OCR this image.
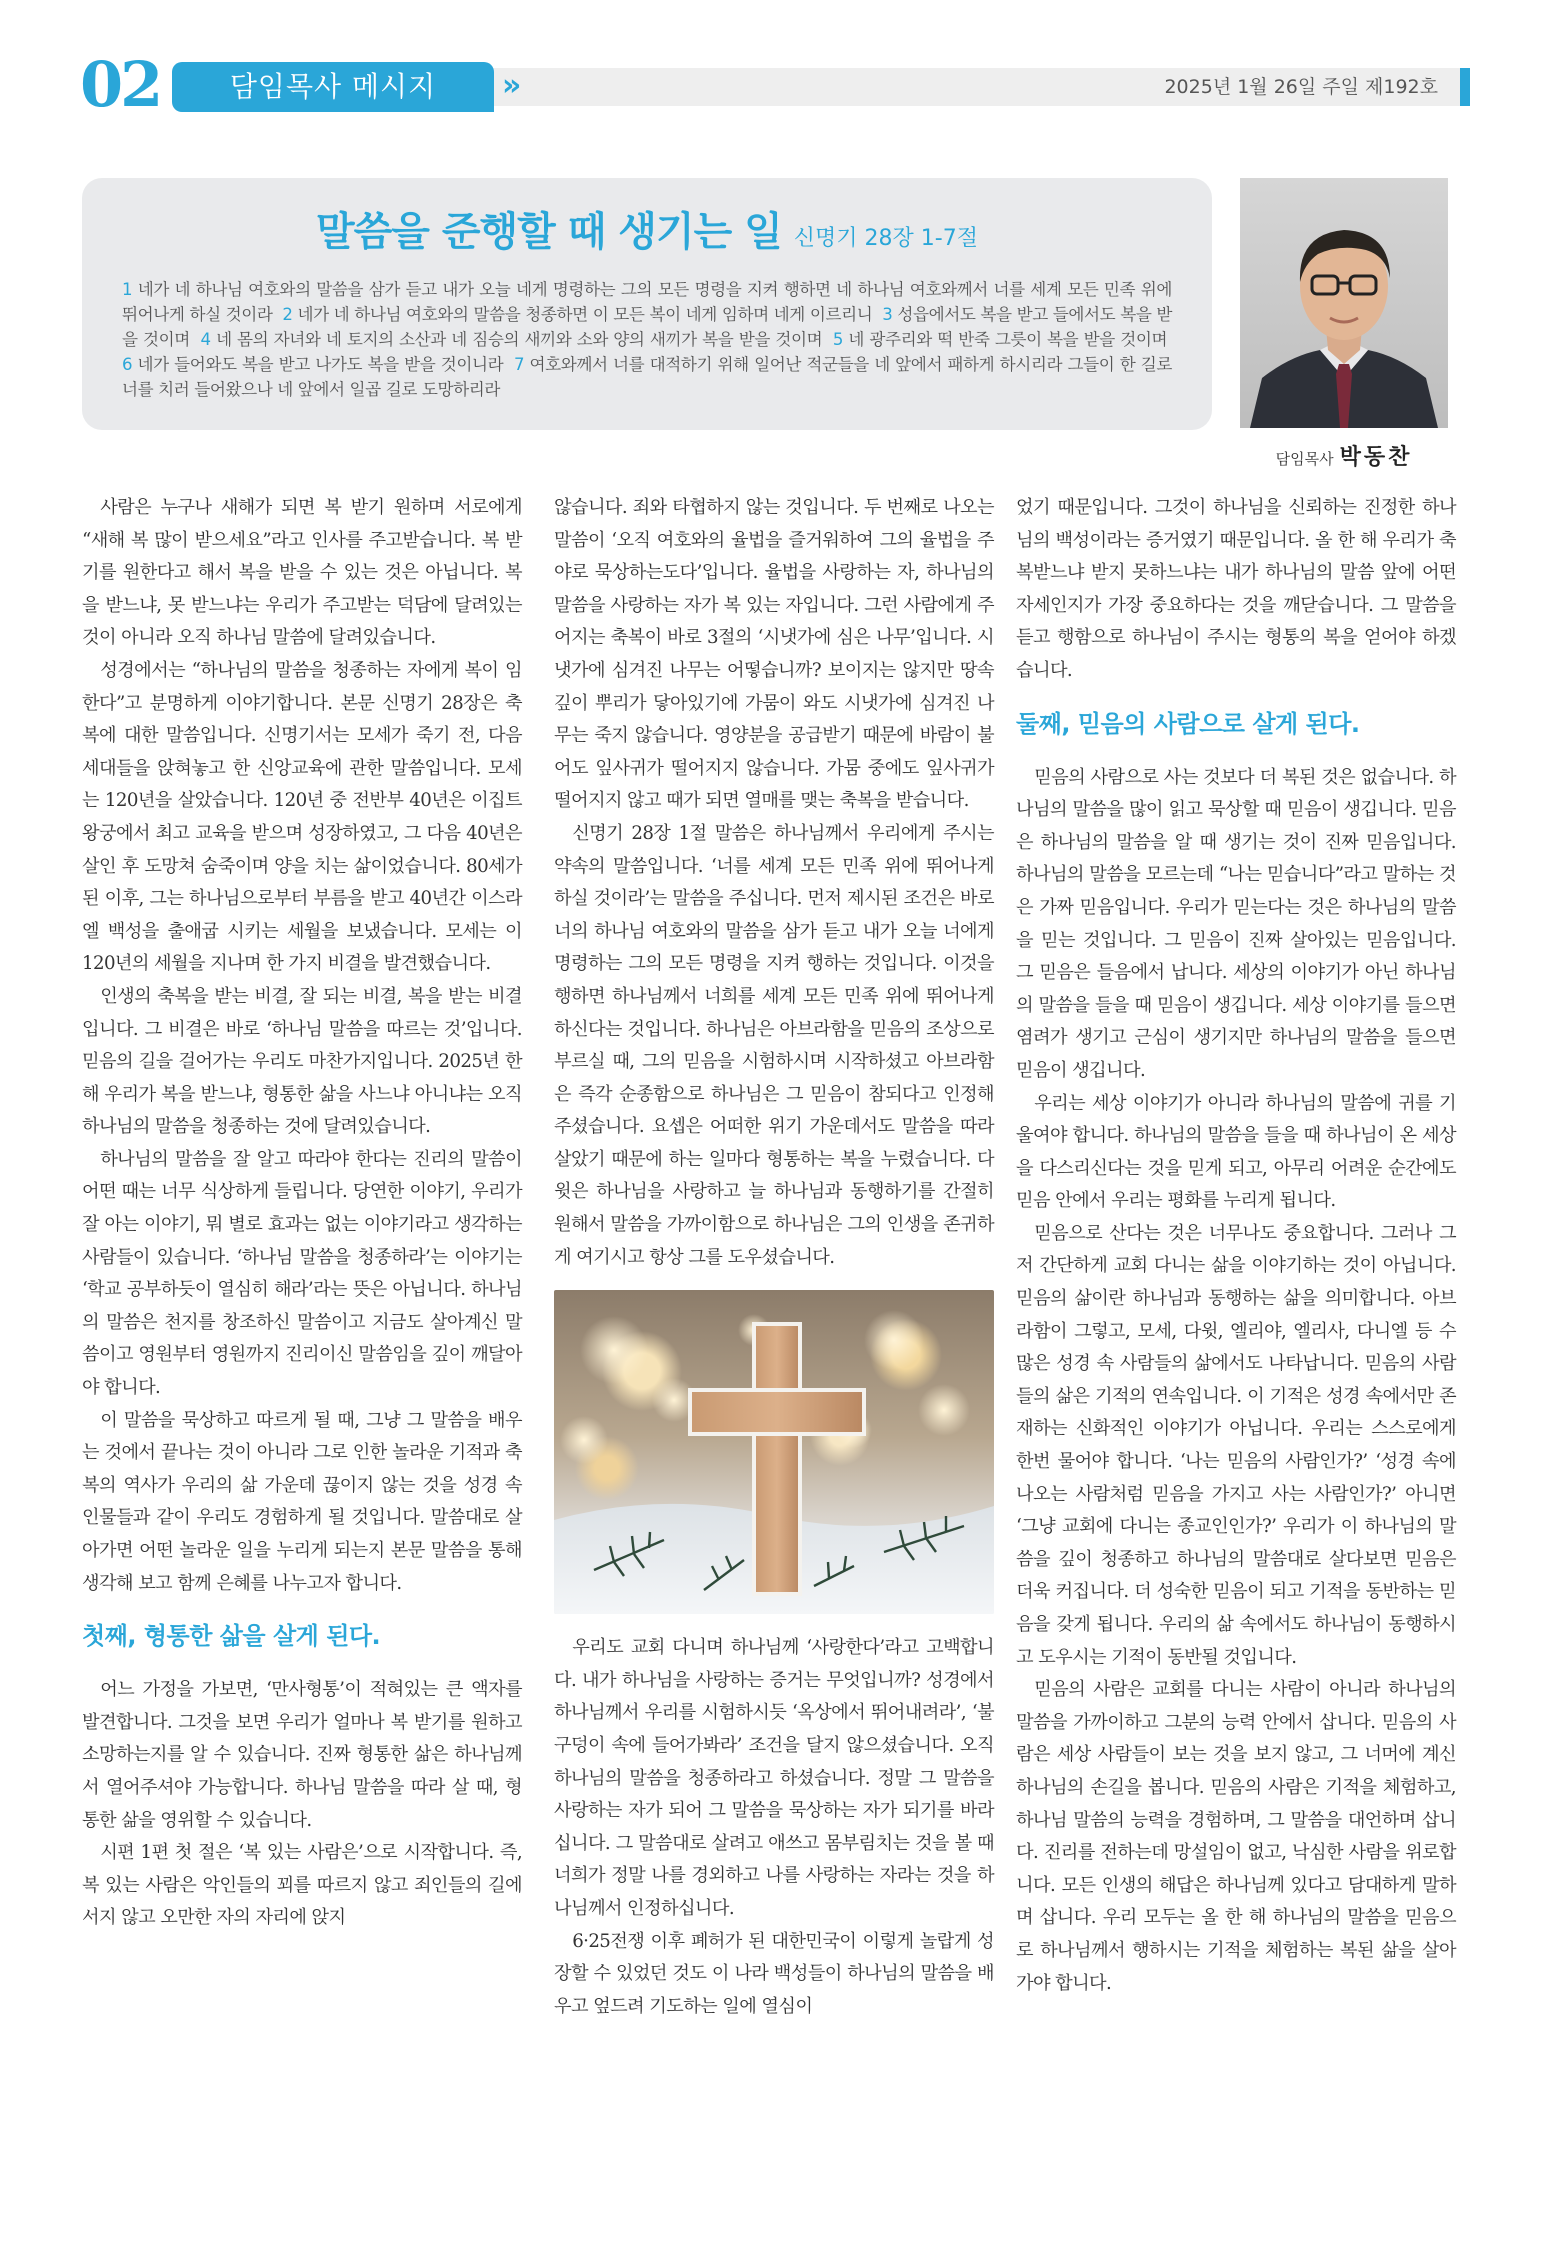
02	담임목사 메시지	»	2025년 1월 26일 주일 제192호
말씀을 준행할 때 생기는 일 신명기 28장 1-7절
1 네가 네 하나님 여호와의 말씀을 삼가 듣고 내가 오늘 네게 명령하는 그의 모든 명령을 지켜 행하면 네 하나님 여호와께서 너를 세계 모든 민족 위에 뛰어나게 하실 것이라 2 네가 네 하나님 여호와의 말씀을 청종하면 이 모든 복이 네게 임하며 네게 이르리니 3 성읍에서도 복을 받고 들에서도 복을 받을 것이며 4 네 몸의 자녀와 네 토지의 소산과 네 짐승의 새끼와 소와 양의 새끼가 복을 받을 것이며 5 네 광주리와 떡 반죽 그릇이 복을 받을 것이며  6 네가 들어와도 복을 받고 나가도 복을 받을 것이니라 7 여호와께서 너를 대적하기 위해 일어난 적군들을 네 앞에서 패하게 하시리라 그들이 한 길로 너를 치러 들어왔으나 네 앞에서 일곱 길로 도망하리라
담임목사 박동찬

사람은 누구나 새해가 되면 복 받기 원하며 서로에게 “새해 복 많이 받으세요”라고 인사를 주고받습니다. 복 받기를 원한다고 해서 복을 받을 수 있는 것은 아닙니다. 복을 받느냐, 못 받느냐는 우리가 주고받는 덕담에 달려있는 것이 아니라 오직 하나님 말씀에 달려있습니다.

성경에서는 “하나님의 말씀을 청종하는 자에게 복이 임한다”고 분명하게 이야기합니다. 본문 신명기 28장은 축복에 대한 말씀입니다. 신명기서는 모세가 죽기 전, 다음 세대들을 앉혀놓고 한 신앙교육에 관한 말씀입니다. 모세는 120년을 살았습니다. 120년 중 전반부 40년은 이집트 왕궁에서 최고 교육을 받으며 성장하였고, 그 다음 40년은 살인 후 도망쳐 숨죽이며 양을 치는 삶이었습니다. 80세가 된 이후, 그는 하나님으로부터 부름을 받고 40년간 이스라엘 백성을 출애굽 시키는 세월을 보냈습니다. 모세는 이 120년의 세월을 지나며 한 가지 비결을 발견했습니다.

인생의 축복을 받는 비결, 잘 되는 비결, 복을 받는 비결입니다. 그 비결은 바로 ‘하나님 말씀을 따르는 것’입니다. 믿음의 길을 걸어가는 우리도 마찬가지입니다. 2025년 한 해 우리가 복을 받느냐, 형통한 삶을 사느냐 아니냐는 오직 하나님의 말씀을 청종하는 것에 달려있습니다.

하나님의 말씀을 잘 알고 따라야 한다는 진리의 말씀이 어떤 때는 너무 식상하게 들립니다. 당연한 이야기, 우리가 잘 아는 이야기, 뭐 별로 효과는 없는 이야기라고 생각하는 사람들이 있습니다. ‘하나님 말씀을 청종하라’는 이야기는 ‘학교 공부하듯이 열심히 해라’라는 뜻은 아닙니다. 하나님의 말씀은 천지를 창조하신 말씀이고 지금도 살아계신 말씀이고 영원부터 영원까지 진리이신 말씀임을 깊이 깨달아야 합니다.

이 말씀을 묵상하고 따르게 될 때, 그냥 그 말씀을 배우는 것에서 끝나는 것이 아니라 그로 인한 놀라운 기적과 축복의 역사가 우리의 삶 가운데 끊이지 않는 것을 성경 속 인물들과 같이 우리도 경험하게 될 것입니다. 말씀대로 살아가면 어떤 놀라운 일을 누리게 되는지 본문 말씀을 통해 생각해 보고 함께 은혜를 나누고자 합니다.

첫째, 형통한 삶을 살게 된다.

어느 가정을 가보면, ‘만사형통’이 적혀있는 큰 액자를 발견합니다. 그것을 보면 우리가 얼마나 복 받기를 원하고 소망하는지를 알 수 있습니다. 진짜 형통한 삶은 하나님께서 열어주셔야 가능합니다. 하나님 말씀을 따라 살 때, 형통한 삶을 영위할 수 있습니다.

시편 1편 첫 절은 ‘복 있는 사람은’으로 시작합니다. 즉, 복 있는 사람은 악인들의 꾀를 따르지 않고 죄인들의 길에 서지 않고 오만한 자의 자리에 앉지

않습니다. 죄와 타협하지 않는 것입니다. 두 번째로 나오는 말씀이 ‘오직 여호와의 율법을 즐거워하여 그의 율법을 주야로 묵상하는도다’입니다. 율법을 사랑하는 자, 하나님의 말씀을 사랑하는 자가 복 있는 자입니다. 그런 사람에게 주어지는 축복이 바로 3절의 ‘시냇가에 심은 나무’입니다. 시냇가에 심겨진 나무는 어떻습니까? 보이지는 않지만 땅속 깊이 뿌리가 닿아있기에 가뭄이 와도 시냇가에 심겨진 나무는 죽지 않습니다. 영양분을 공급받기 때문에 바람이 불어도 잎사귀가 떨어지지 않습니다. 가뭄 중에도 잎사귀가 떨어지지 않고 때가 되면 열매를 맺는 축복을 받습니다.

신명기 28장 1절 말씀은 하나님께서 우리에게 주시는 약속의 말씀입니다. ‘너를 세계 모든 민족 위에 뛰어나게 하실 것이라’는 말씀을 주십니다. 먼저 제시된 조건은 바로 너의 하나님 여호와의 말씀을 삼가 듣고 내가 오늘 너에게 명령하는 그의 모든 명령을 지켜 행하는 것입니다. 이것을 행하면 하나님께서 너희를 세계 모든 민족 위에 뛰어나게 하신다는 것입니다. 하나님은 아브라함을 믿음의 조상으로 부르실 때, 그의 믿음을 시험하시며 시작하셨고 아브라함은 즉각 순종함으로 하나님은 그 믿음이 참되다고 인정해 주셨습니다. 요셉은 어떠한 위기 가운데서도 말씀을 따라 살았기 때문에 하는 일마다 형통하는 복을 누렸습니다. 다윗은 하나님을 사랑하고 늘 하나님과 동행하기를 간절히 원해서 말씀을 가까이함으로 하나님은 그의 인생을 존귀하게 여기시고 항상 그를 도우셨습니다.

우리도 교회 다니며 하나님께 ‘사랑한다’라고 고백합니다. 내가 하나님을 사랑하는 증거는 무엇입니까? 성경에서 하나님께서 우리를 시험하시듯 ‘옥상에서 뛰어내려라’, ‘불구덩이 속에 들어가봐라’ 조건을 달지 않으셨습니다. 오직 하나님의 말씀을 청종하라고 하셨습니다. 정말 그 말씀을 사랑하는 자가 되어 그 말씀을 묵상하는 자가 되기를 바라십니다. 그 말씀대로 살려고 애쓰고 몸부림치는 것을 볼 때 너희가 정말 나를 경외하고 나를 사랑하는 자라는 것을 하나님께서 인정하십니다.

6·25전쟁 이후 폐허가 된 대한민국이 이렇게 놀랍게 성장할 수 있었던 것도 이 나라 백성들이 하나님의 말씀을 배우고 엎드려 기도하는 일에 열심이

었기 때문입니다. 그것이 하나님을 신뢰하는 진정한 하나님의 백성이라는 증거였기 때문입니다. 올 한 해 우리가 축복받느냐 받지 못하느냐는 내가 하나님의 말씀 앞에 어떤 자세인지가 가장 중요하다는 것을 깨닫습니다. 그 말씀을 듣고 행함으로 하나님이 주시는 형통의 복을 얻어야 하겠습니다.

둘째, 믿음의 사람으로 살게 된다.

믿음의 사람으로 사는 것보다 더 복된 것은 없습니다. 하나님의 말씀을 많이 읽고 묵상할 때 믿음이 생깁니다. 믿음은 하나님의 말씀을 알 때 생기는 것이 진짜 믿음입니다. 하나님의 말씀을 모르는데 “나는 믿습니다”라고 말하는 것은 가짜 믿음입니다. 우리가 믿는다는 것은 하나님의 말씀을 믿는 것입니다. 그 믿음이 진짜 살아있는 믿음입니다. 그 믿음은 들음에서 납니다. 세상의 이야기가 아닌 하나님의 말씀을 들을 때 믿음이 생깁니다. 세상 이야기를 들으면 염려가 생기고 근심이 생기지만 하나님의 말씀을 들으면 믿음이 생깁니다.

우리는 세상 이야기가 아니라 하나님의 말씀에 귀를 기울여야 합니다. 하나님의 말씀을 들을 때 하나님이 온 세상을 다스리신다는 것을 믿게 되고, 아무리 어려운 순간에도 믿음 안에서 우리는 평화를 누리게 됩니다.

믿음으로 산다는 것은 너무나도 중요합니다. 그러나 그저 간단하게 교회 다니는 삶을 이야기하는 것이 아닙니다. 믿음의 삶이란 하나님과 동행하는 삶을 의미합니다. 아브라함이 그렇고, 모세, 다윗, 엘리야, 엘리사, 다니엘 등 수 많은 성경 속 사람들의 삶에서도 나타납니다. 믿음의 사람들의 삶은 기적의 연속입니다. 이 기적은 성경 속에서만 존재하는 신화적인 이야기가 아닙니다. 우리는 스스로에게 한번 물어야 합니다. ‘나는 믿음의 사람인가?’ ‘성경 속에 나오는 사람처럼 믿음을 가지고 사는 사람인가?’ 아니면 ‘그냥 교회에 다니는 종교인인가?’ 우리가 이 하나님의 말씀을 깊이 청종하고 하나님의 말씀대로 살다보면 믿음은 더욱 커집니다. 더 성숙한 믿음이 되고 기적을 동반하는 믿음을 갖게 됩니다. 우리의 삶 속에서도 하나님이 동행하시고 도우시는 기적이 동반될 것입니다.

믿음의 사람은 교회를 다니는 사람이 아니라 하나님의 말씀을 가까이하고 그분의 능력 안에서 삽니다. 믿음의 사람은 세상 사람들이 보는 것을 보지 않고, 그 너머에 계신 하나님의 손길을 봅니다. 믿음의 사람은 기적을 체험하고, 하나님 말씀의 능력을 경험하며, 그 말씀을 대언하며 삽니다. 진리를 전하는데 망설임이 없고, 낙심한 사람을 위로합니다. 모든 인생의 해답은 하나님께 있다고 담대하게 말하며 삽니다. 우리 모두는 올 한 해 하나님의 말씀을 믿음으로 하나님께서 행하시는 기적을 체험하는 복된 삶을 살아가야 합니다.
